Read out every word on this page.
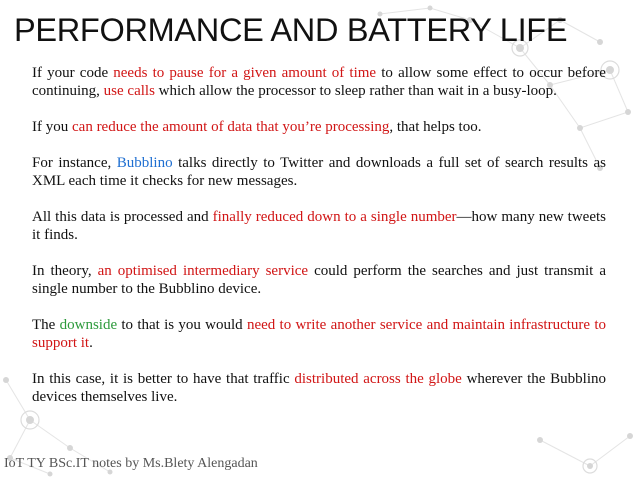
PERFORMANCE AND BATTERY LIFE

If your code needs to pause for a given amount of time to allow some effect to occur before continuing, use calls which allow the processor to sleep rather than wait in a busy-loop.

If you can reduce the amount of data that you’re processing, that helps too.

For instance, Bubblino talks directly to Twitter and downloads a full set of search results as XML each time it checks for new messages.

All this data is processed and finally reduced down to a single number—how many new tweets it finds.

In theory, an optimised intermediary service could perform the searches and just transmit a single number to the Bubblino device.

The downside to that is you would need to write another service and maintain infrastructure to support it.

In this case, it is better to have that traffic distributed across the globe wherever the Bubblino devices themselves live.

IoT TY BSc.IT notes by Ms.Blety Alengadan
